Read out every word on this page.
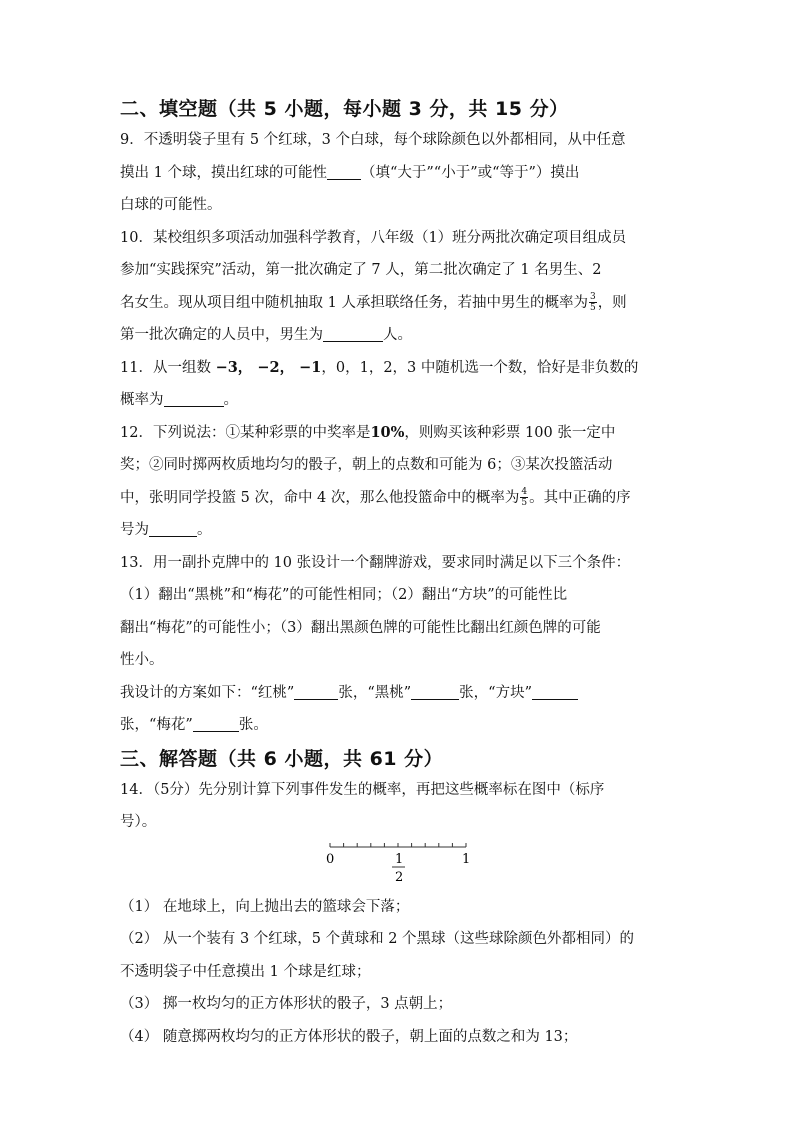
二、填空题（共 5 小题，每小题 3 分，共 15 分）
9．不透明袋子里有 5 个红球，3 个白球，每个球除颜色以外都相同，从中任意
摸出 1 个球，摸出红球的可能性 （填“大于”“小于”或“等于”）摸出
白球的可能性。
10．某校组织多项活动加强科学教育，八年级（1）班分两批次确定项目组成员
参加“实践探究”活动，第一批次确定了 7 人，第二批次确定了 1 名男生、2
名女生。现从项目组中随机抽取 1 人承担联络任务，若抽中男生的概率为 $\frac{3}{5}$ ，则
第一批次确定的人员中，男生为	人。
11．从一组数 −3， −2， −1，0，1，2，3 中随机选一个数，恰好是非负数的
概率为	。
12．下列说法：①某种彩票的中奖率是10%，则购买该种彩票 100 张一定中
奖；②同时掷两枚质地均匀的骰子，朝上的点数和可能为 6；③某次投篮活动
中，张明同学投篮 5 次，命中 4 次，那么他投篮命中的概率为 $\frac{4}{5}$ 。其中正确的序
号为	。
13．用一副扑克牌中的 10 张设计一个翻牌游戏，要求同时满足以下三个条件：
（1）翻出“黑桃”和“梅花”的可能性相同；（2）翻出“方块”的可能性比
翻出“梅花”的可能性小；（3）翻出黑颜色牌的可能性比翻出红颜色牌的可能
性小。
我设计的方案如下：“红桃”	张，“黑桃”	张，“方块”
张，“梅花”	张。
三、解答题（共 6 小题，共 61 分）
14．（5分）先分别计算下列事件发生的概率，再把这些概率标在图中（标序
号）。
0	1
2
1
（1） 在地球上，向上抛出去的篮球会下落；
（2） 从一个装有 3 个红球，5 个黄球和 2 个黑球（这些球除颜色外都相同）的
不透明袋子中任意摸出 1 个球是红球；
（3） 掷一枚均匀的正方体形状的骰子，3 点朝上；
（4） 随意掷两枚均匀的正方体形状的骰子，朝上面的点数之和为 13；
